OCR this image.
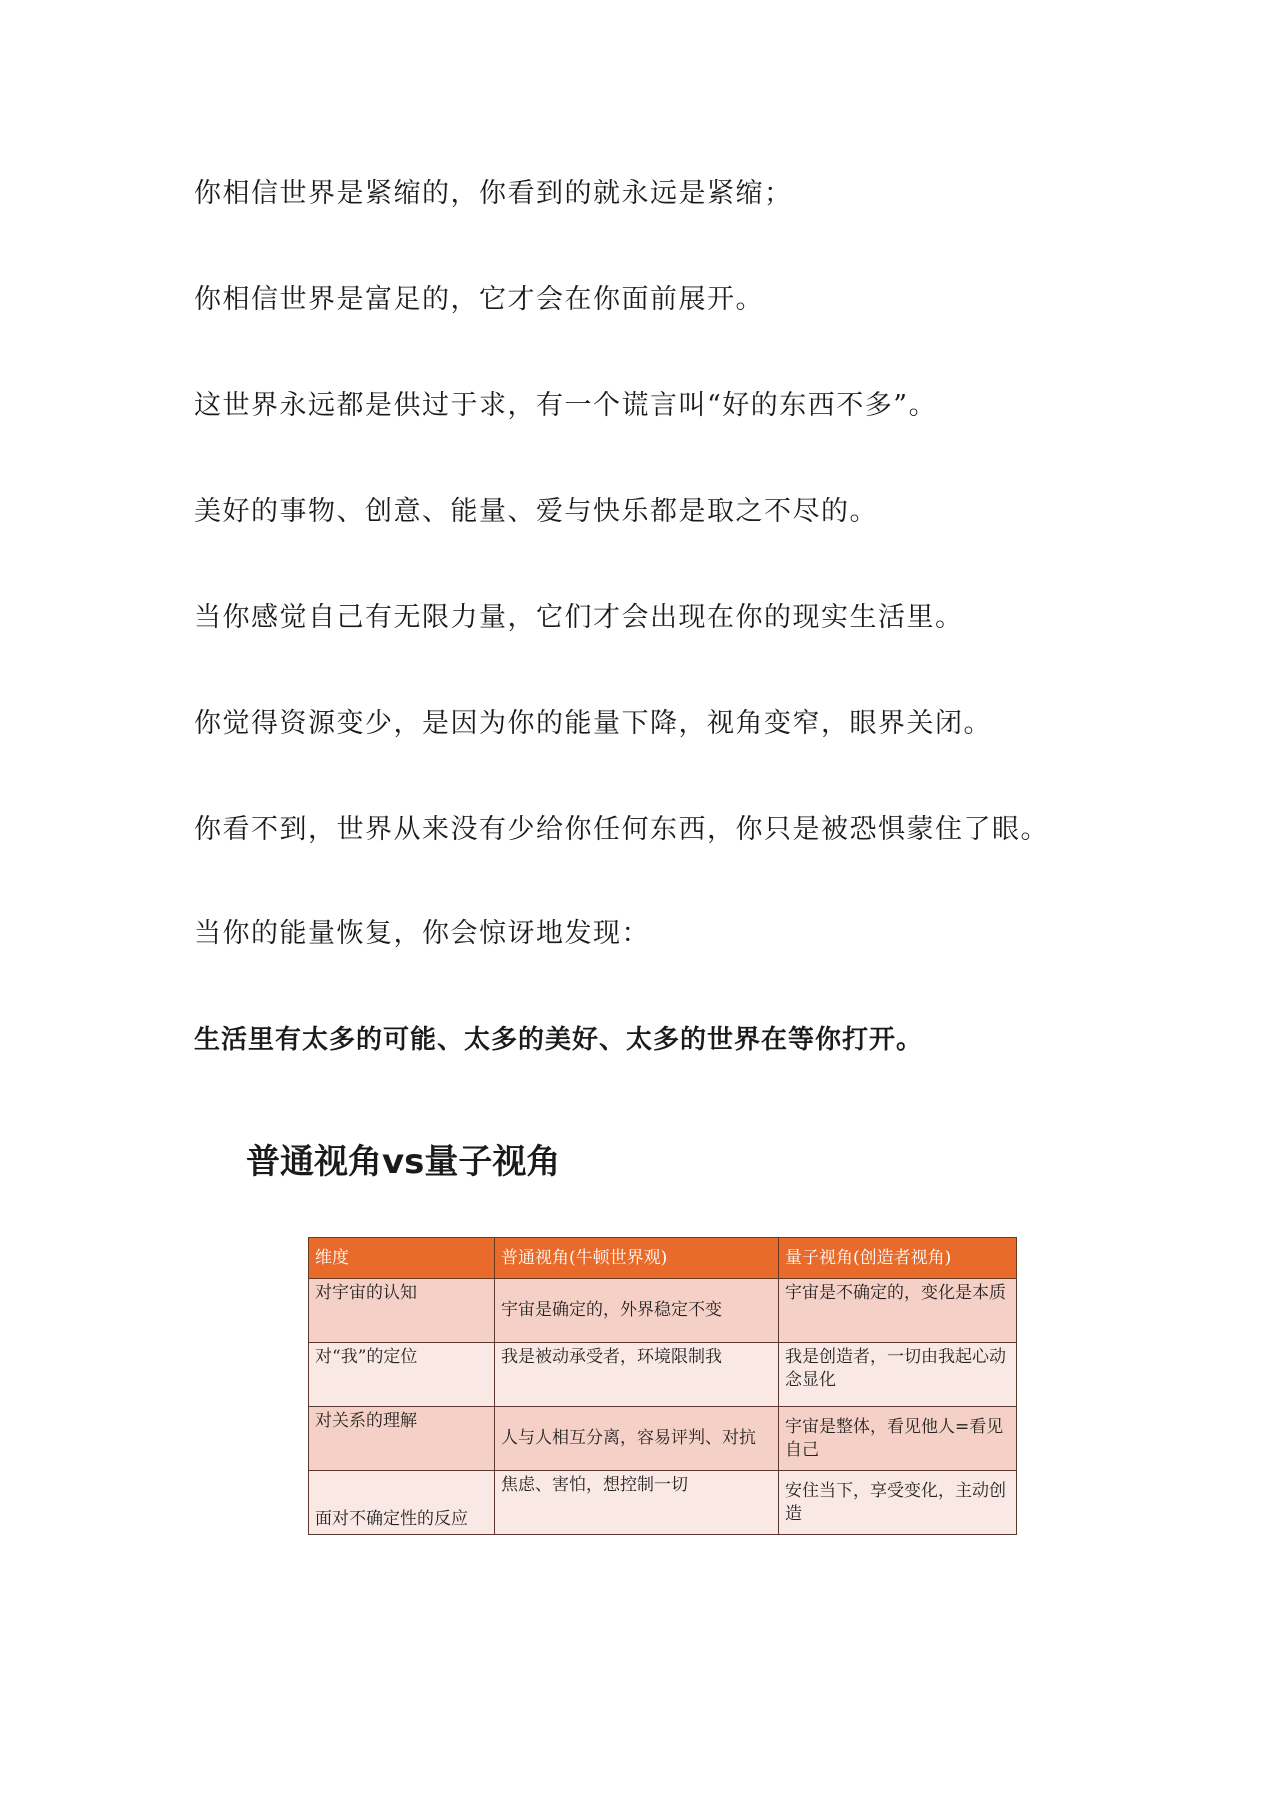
你相信世界是紧缩的，你看到的就永远是紧缩；

你相信世界是富足的，它才会在你面前展开。

这世界永远都是供过于求，有一个谎言叫“好的东西不多”。

美好的事物、创意、能量、爱与快乐都是取之不尽的。

当你感觉自己有无限力量，它们才会出现在你的现实生活里。

你觉得资源变少，是因为你的能量下降，视角变窄，眼界关闭。

你看不到，世界从来没有少给你任何东西，你只是被恐惧蒙住了眼。

当你的能量恢复，你会惊讶地发现：

生活里有太多的可能、太多的美好、太多的世界在等你打开。

普通视角vs量子视角
维度	普通视角(牛顿世界观)	量子视角(创造者视角)
对宇宙的认知	宇宙是确定的，外界稳定不变	宇宙是不确定的，变化是本质
对“我”的定位	我是被动承受者，环境限制我	我是创造者，一切由我起心动念显化
对关系的理解	人与人相互分离，容易评判、对抗	宇宙是整体，看见他人=看见自己
面对不确定性的反应	焦虑、害怕，想控制一切	安住当下，享受变化，主动创造
